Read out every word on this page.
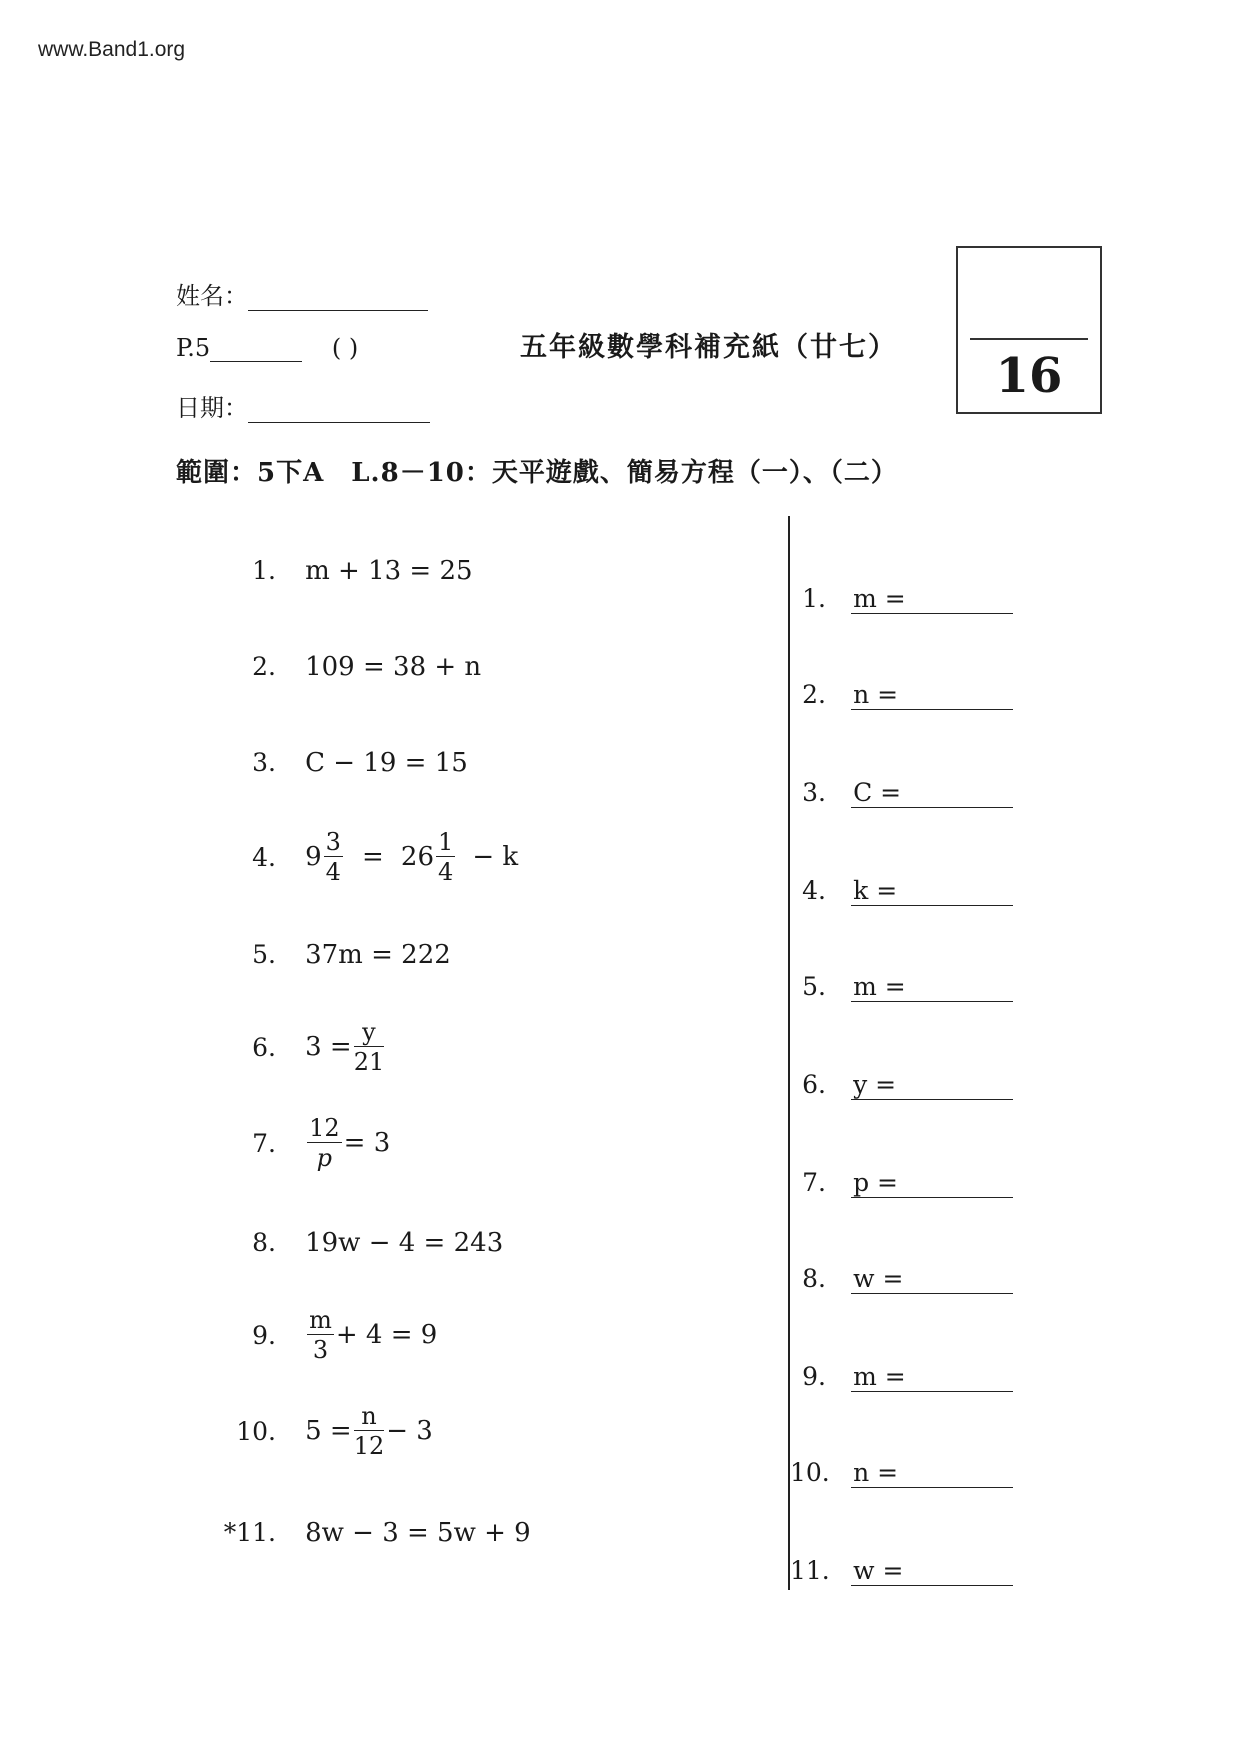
www.Band1.org
姓名：
P.5	( )
日期：
五年級數學科補充紙（廿七）
16
範圍：5下A　L.8－10：天平遊戲、簡易方程（一）、（二）
1. m + 13 = 25
2. 109 = 38 + n
3. C − 19 = 15
4. $9 \frac{3}{4} = 26 \frac{1}{4} - k$
5. 37m = 222
6. $3 = \frac{y}{21}$
7. $\frac{12}{p} = 3$
8. 19w − 4 = 243
9. $\frac{m}{3} + 4 = 9$
10. $5 = \frac{n}{12} - 3$
*11. 8w − 3 = 5w + 9
1. m =
2. n =
3. C =
4. k =
5. m =
6. y =
7. p =
8. w =
9. m =
10. n =
11. w =
